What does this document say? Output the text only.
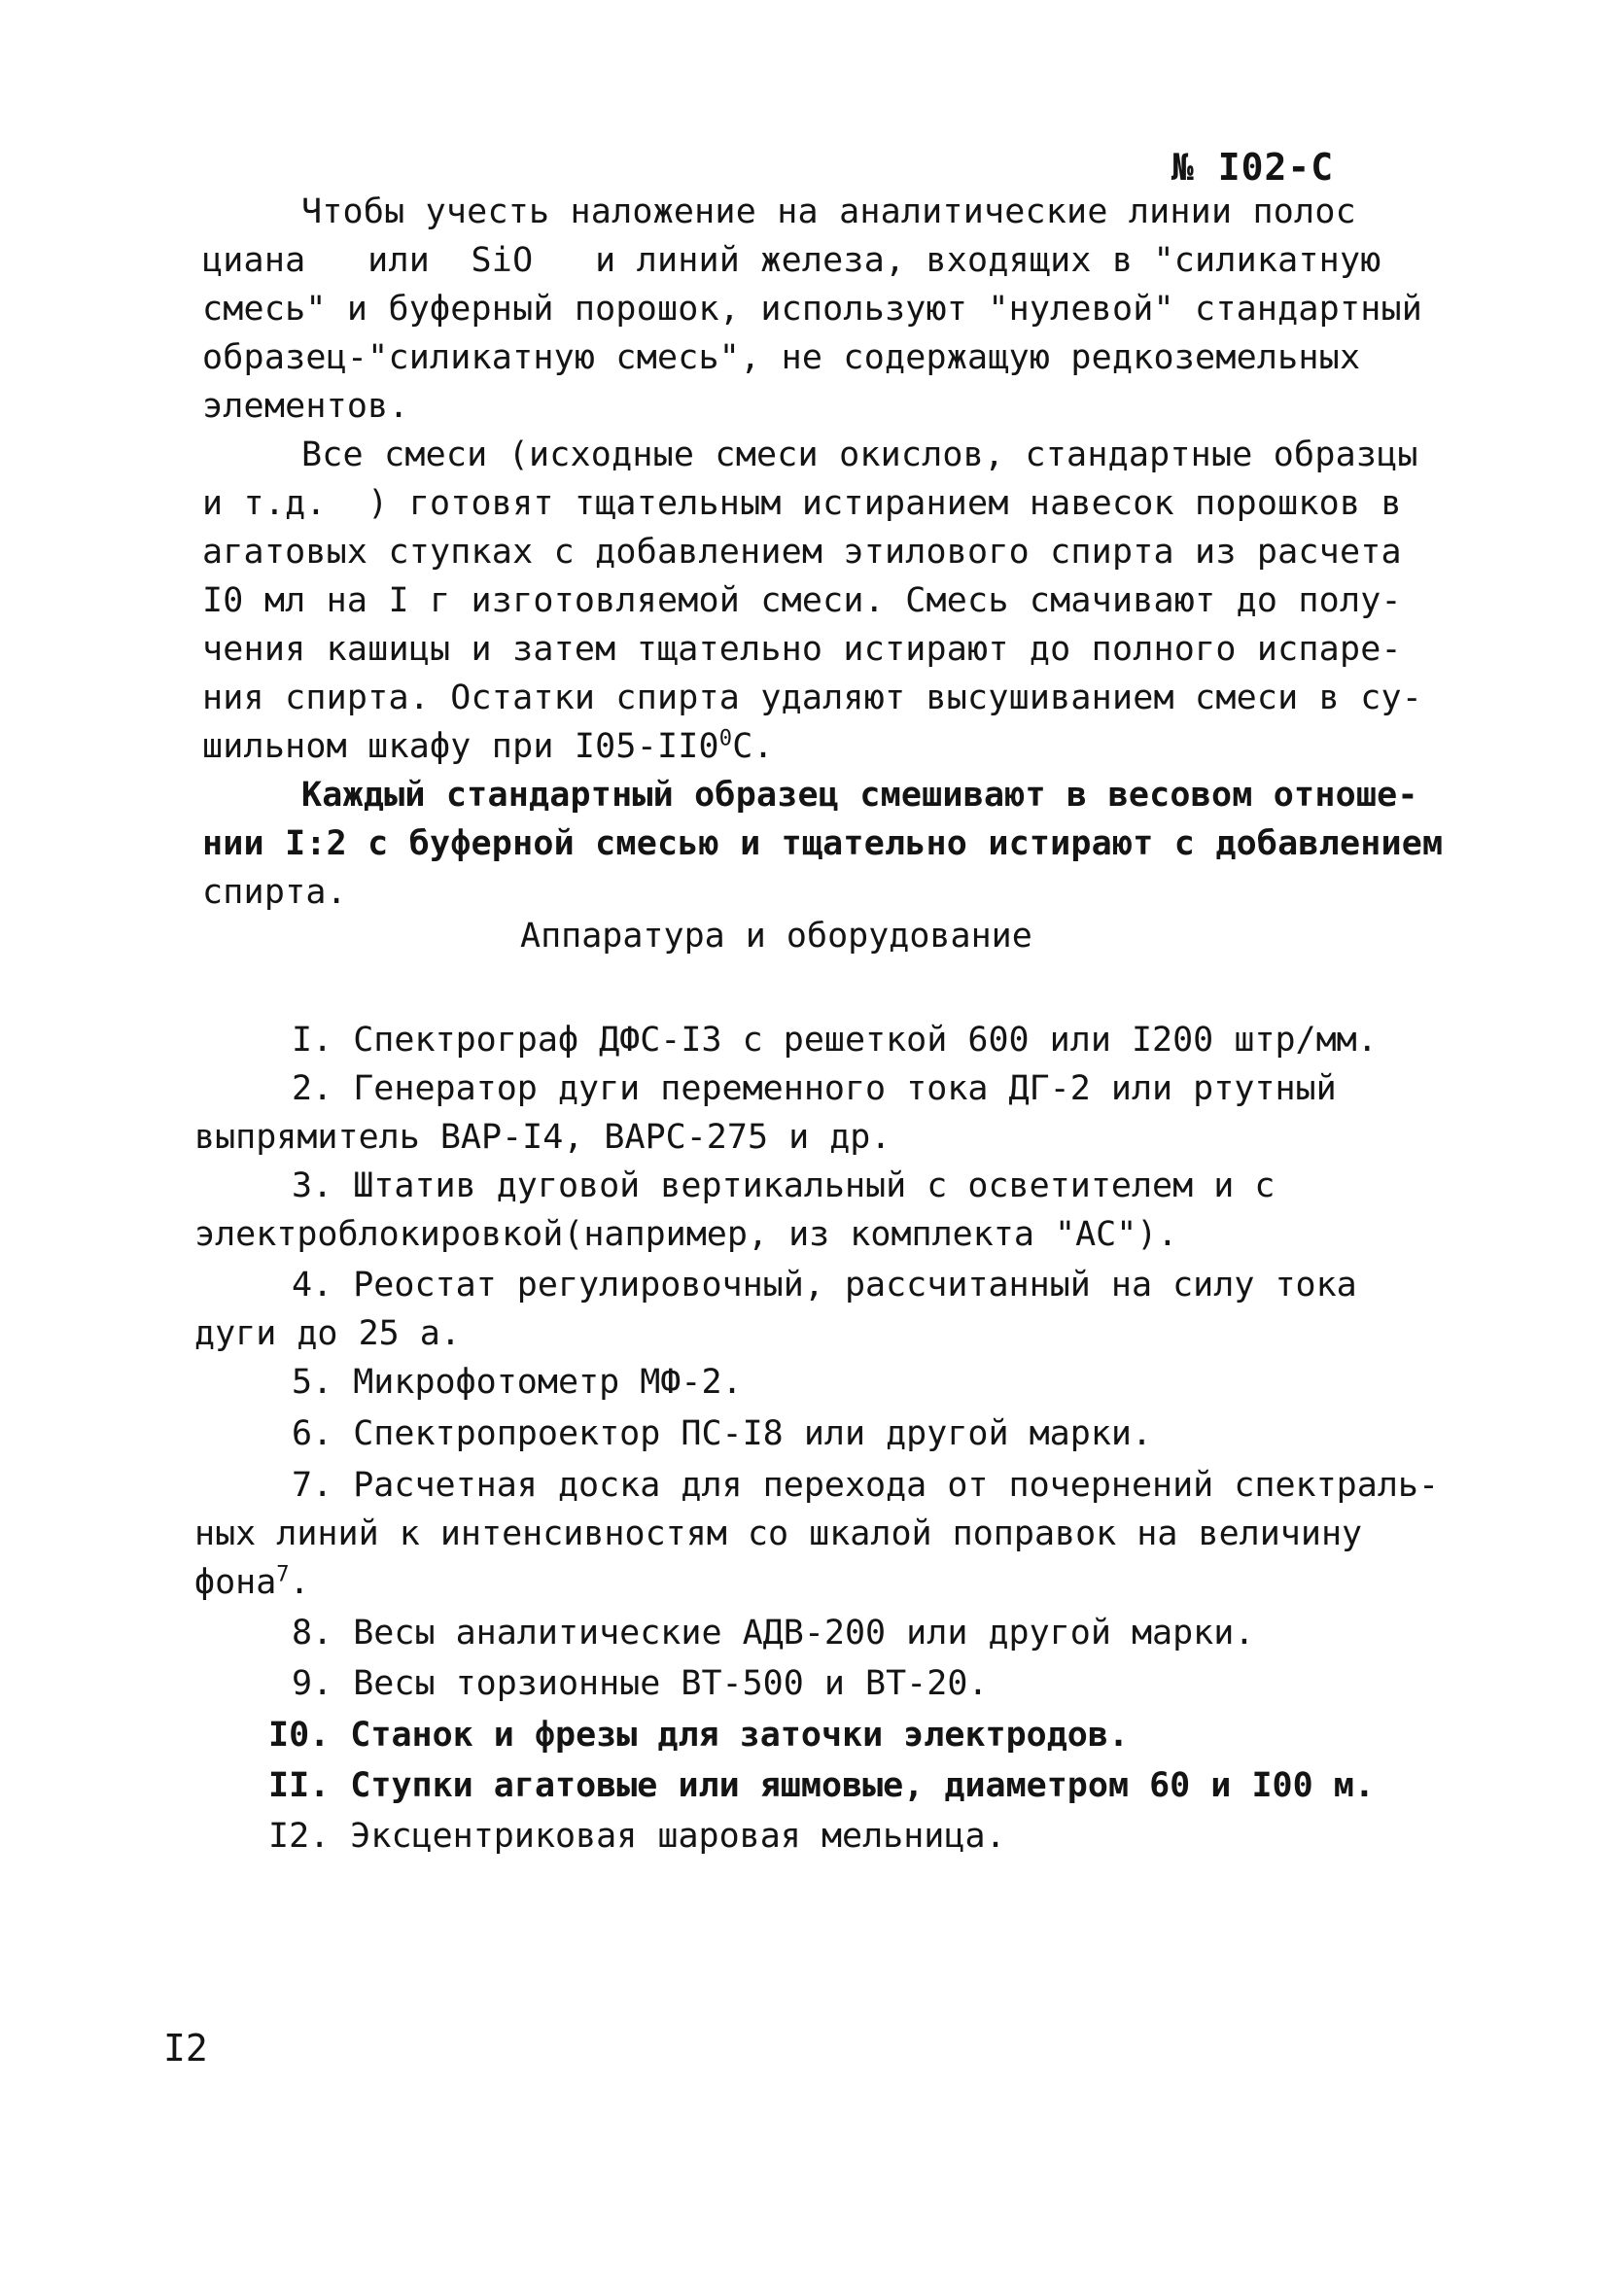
№ I02-С
Чтобы учесть наложение на аналитические линии полос
циана   или  SiO   и линий железа, входящих в "силикатную
смесь" и буферный порошок, используют "нулевой" стандартный
образец-"силикатную смесь", не содержащую редкоземельных
элементов.
Все смеси (исходные смеси окислов, стандартные образцы
и т.д.  ) готовят тщательным истиранием навесок порошков в
агатовых ступках с добавлением этилового спирта из расчета
I0 мл на I г изготовляемой смеси. Смесь смачивают до полу-
чения кашицы и затем тщательно истирают до полного испаре-
ния спирта. Остатки спирта удаляют высушиванием смеси в су-
шильном шкафу при $I05-II0^0С$.
Каждый стандартный образец смешивают в весовом отноше-
нии I:2 с буферной смесью и тщательно истирают с добавлением
спирта.
Аппаратура и оборудование
I. Спектрограф ДФС-I3 с решеткой 600 или I200 штр/мм.
2. Генератор дуги переменного тока ДГ-2 или ртутный
выпрямитель ВАР-I4, ВАРС-275 и др.
3. Штатив дуговой вертикальный с осветителем и с
электроблокировкой(например, из комплекта "АС").
4. Реостат регулировочный, рассчитанный на силу тока
дуги до 25 а.
5. Микрофотометр МФ-2.
6. Спектропроектор ПС-I8 или другой марки.
7. Расчетная доска для перехода от почернений спектраль-
ных линий к интенсивностям со шкалой поправок на величину
фона$^7$.
8. Весы аналитические АДВ-200 или другой марки.
9. Весы торзионные ВТ-500 и ВТ-20.
I0. Станок и фрезы для заточки электродов.
II. Ступки агатовые или яшмовые, диаметром 60 и I00 м.
I2. Эксцентриковая шаровая мельница.
I2
